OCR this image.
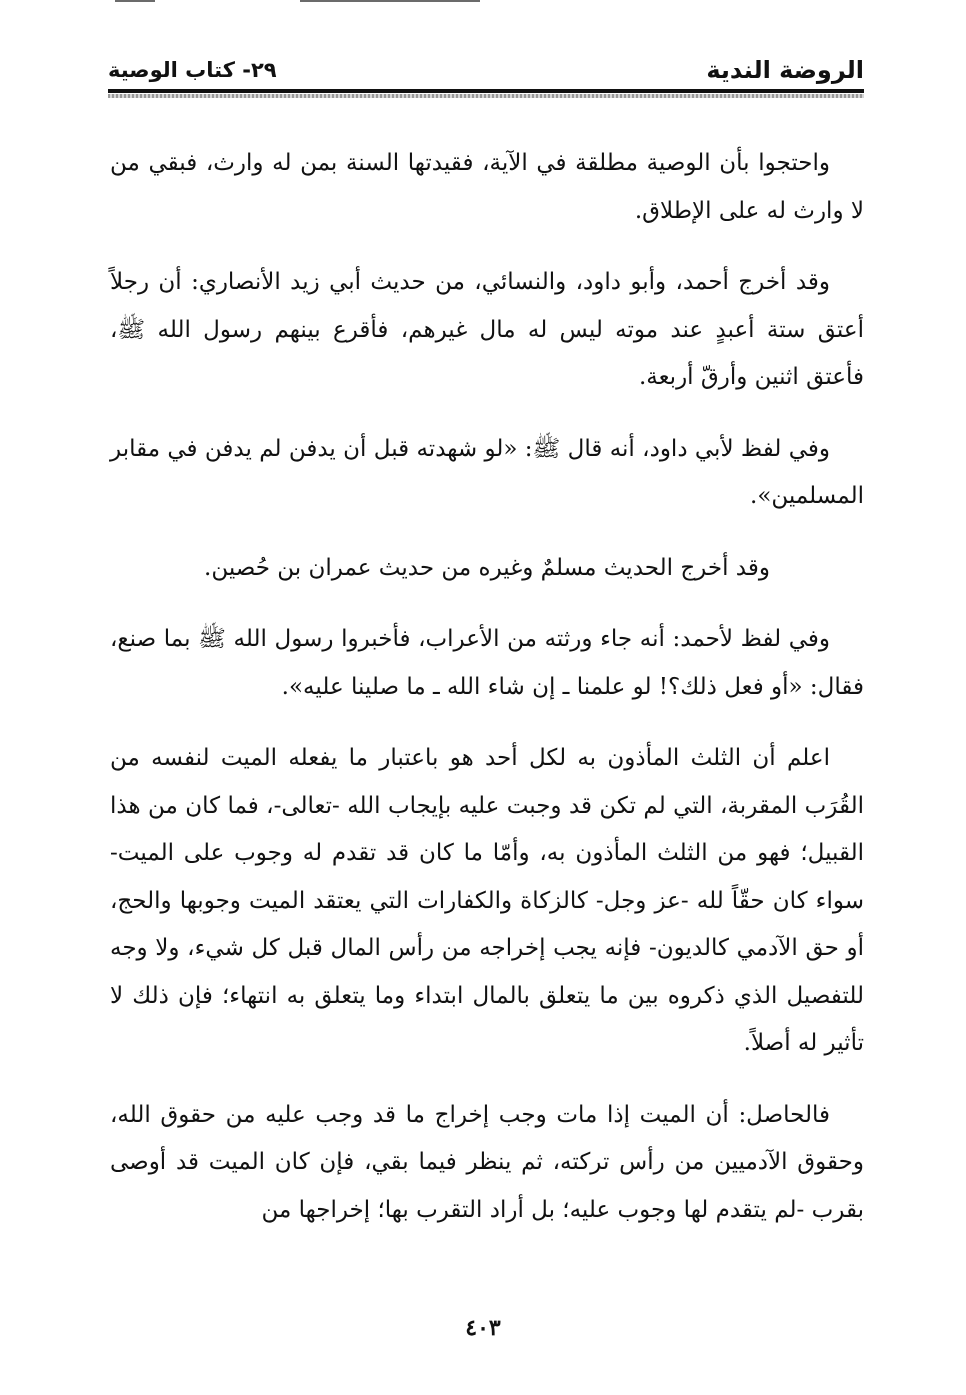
الروضة الندية
٢٩- كتاب الوصية

واحتجوا بأن الوصية مطلقة في الآية، فقيدتها السنة بمن له وارث، فبقي من لا وارث له على الإطلاق.

وقد أخرج أحمد، وأبو داود، والنسائي، من حديث أبي زيد الأنصاري: أن رجلاً أعتق ستة أعبدٍ عند موته ليس له مال غيرهم، فأقرع بينهم رسول الله ﷺ، فأعتق اثنين وأرقّ أربعة.

وفي لفظ لأبي داود، أنه قال ﷺ: «لو شهدته قبل أن يدفن لم يدفن في مقابر المسلمين».

وقد أخرج الحديث مسلمٌ وغيره من حديث عمران بن حُصين.

وفي لفظ لأحمد: أنه جاء ورثته من الأعراب، فأخبروا رسول الله ﷺ بما صنع، فقال: «أو فعل ذلك؟! لو علمنا ـ إن شاء الله ـ ما صلينا عليه».

اعلم أن الثلث المأذون به لكل أحد هو باعتبار ما يفعله الميت لنفسه من القُرَب المقربة، التي لم تكن قد وجبت عليه بإيجاب الله -تعالى-، فما كان من هذا القبيل؛ فهو من الثلث المأذون به، وأمّا ما كان قد تقدم له وجوب على الميت- سواء كان حقّاً لله -عز وجل- كالزكاة والكفارات التي يعتقد الميت وجوبها والحج، أو حق الآدمي كالديون- فإنه يجب إخراجه من رأس المال قبل كل شيء، ولا وجه للتفصيل الذي ذكروه بين ما يتعلق بالمال ابتداء وما يتعلق به انتهاء؛ فإن ذلك لا تأثير له أصلاً.

فالحاصل: أن الميت إذا مات وجب إخراج ما قد وجب عليه من حقوق الله، وحقوق الآدميين من رأس تركته، ثم ينظر فيما بقي، فإن كان الميت قد أوصى بقرب -لم يتقدم لها وجوب عليه؛ بل أراد التقرب بها؛ إخراجها من

٤٠٣
